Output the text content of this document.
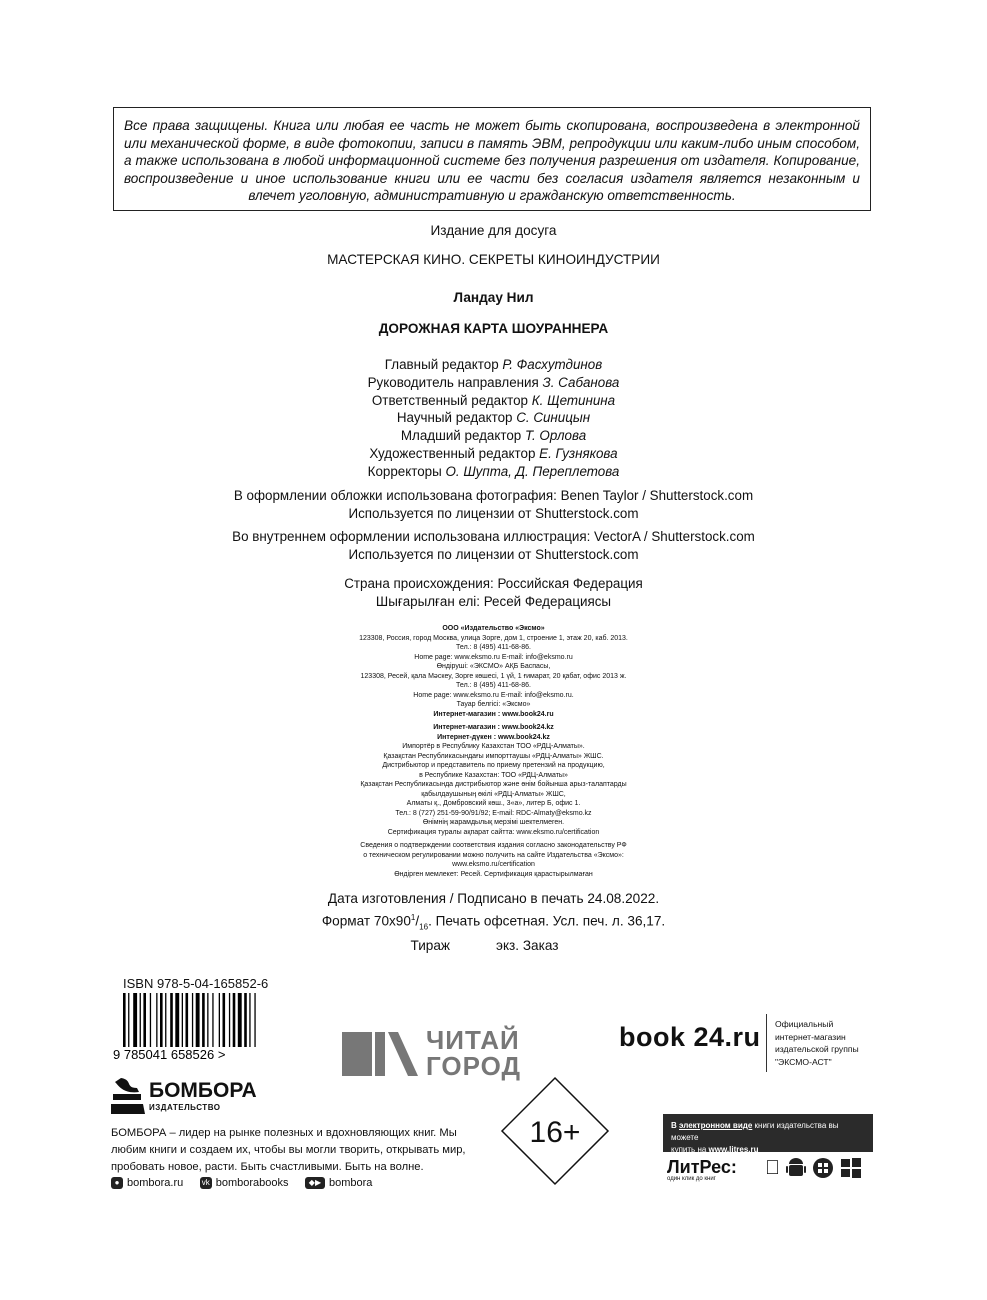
Все права защищены. Книга или любая ее часть не может быть скопирована, воспроизведена в электронной или механической форме, в виде фотокопии, записи в память ЭВМ, репродукции или каким-либо иным способом, а также использована в любой информационной системе без получения разрешения от издателя. Копирование, воспроизведение и иное использование книги или ее части без согласия издателя является незаконным и влечет уголовную, административную и гражданскую ответственность.

Издание для досуга
МАСТЕРСКАЯ КИНО. СЕКРЕТЫ КИНОИНДУСТРИИ
Ландау Нил
ДОРОЖНАЯ КАРТА ШОУРАННЕРА
Главный редактор Р. Фасхутдинов
Руководитель направления З. Сабанова
Ответственный редактор К. Щетинина
Научный редактор С. Синицын
Младший редактор Т. Орлова
Художественный редактор Е. Гузнякова
Корректоры О. Шупта, Д. Переплетова
В оформлении обложки использована фотография: Benen Taylor / Shutterstock.com
Используется по лицензии от Shutterstock.com
Во внутреннем оформлении использована иллюстрация: VectorA / Shutterstock.com
Используется по лицензии от Shutterstock.com
Страна происхождения: Российская Федерация
Шығарылған елі: Ресей Федерациясы
ООО «Издательство «Эксмо»
123308, Россия, город Москва, улица Зорге, дом 1, строение 1, этаж 20, каб. 2013.
Тел.: 8 (495) 411-68-86.
Home page: www.eksmo.ru E-mail: info@eksmo.ru
Өндіруші: «ЭКСМО» АҚБ Баспасы,
123308, Ресей, қала Мәскеу, Зорге көшесі, 1 үй, 1 ғимарат, 20 қабат, офис 2013 ж.
Тел.: 8 (495) 411-68-86.
Home page: www.eksmo.ru E-mail: info@eksmo.ru.
Тауар белгісі: «Эксмо»
Интернет-магазин : www.book24.ru
Интернет-магазин : www.book24.kz
Интернет-дүкен : www.book24.kz
Импортёр в Республику Казахстан ТОО «РДЦ-Алматы».
Қазақстан Республикасындағы импорттаушы «РДЦ-Алматы» ЖШС.
Дистрибьютор и представитель по приему претензий на продукцию,
в Республике Казахстан: ТОО «РДЦ-Алматы»
Қазақстан Республикасында дистрибьютор және өнім бойынша арыз-талаптарды
қабылдаушының өкілі «РДЦ-Алматы» ЖШС,
Алматы қ., Домбровский көш., 3«а», литер Б, офис 1.
Тел.: 8 (727) 251-59-90/91/92; E-mail: RDC-Almaty@eksmo.kz
Өнімнің жарамдылық мерзімі шектелмеген.
Сертификация туралы ақпарат сайтта: www.eksmo.ru/certification
Сведения о подтверждении соответствия издания согласно законодательству РФ
о техническом регулировании можно получить на сайте Издательства «Эксмо»:
www.eksmo.ru/certification
Өндірген мемлекет: Ресей. Сертификация қарастырылмаған
Дата изготовления / Подписано в печать 24.08.2022.
Формат $70x90^1/_{16}$. Печать офсетная. Усл. печ. л. 36,17.
Тираж	экз. Заказ
ISBN 978-5-04-165852-6
9 785041 658526 >	ЧИТАЙ
ГОРОД
book 24.ru Официальный
интернет-магазин
издательской группы
"ЭКСМО-АСТ"
БОМБОРА
ИЗДАТЕЛЬСТВО
БОМБОРА – лидер на рынке полезных и вдохновляющих книг. Мы любим книги и создаем их, чтобы вы могли творить, открывать мир, пробовать новое, расти. Быть счастливыми. Быть на волне.
● bombora.ru
vk bomborabooks
	◆▶ bombora
16+	В электронном виде книги издательства вы можете
купить на www.litres.ru
ЛитРес:
один клик до книг
